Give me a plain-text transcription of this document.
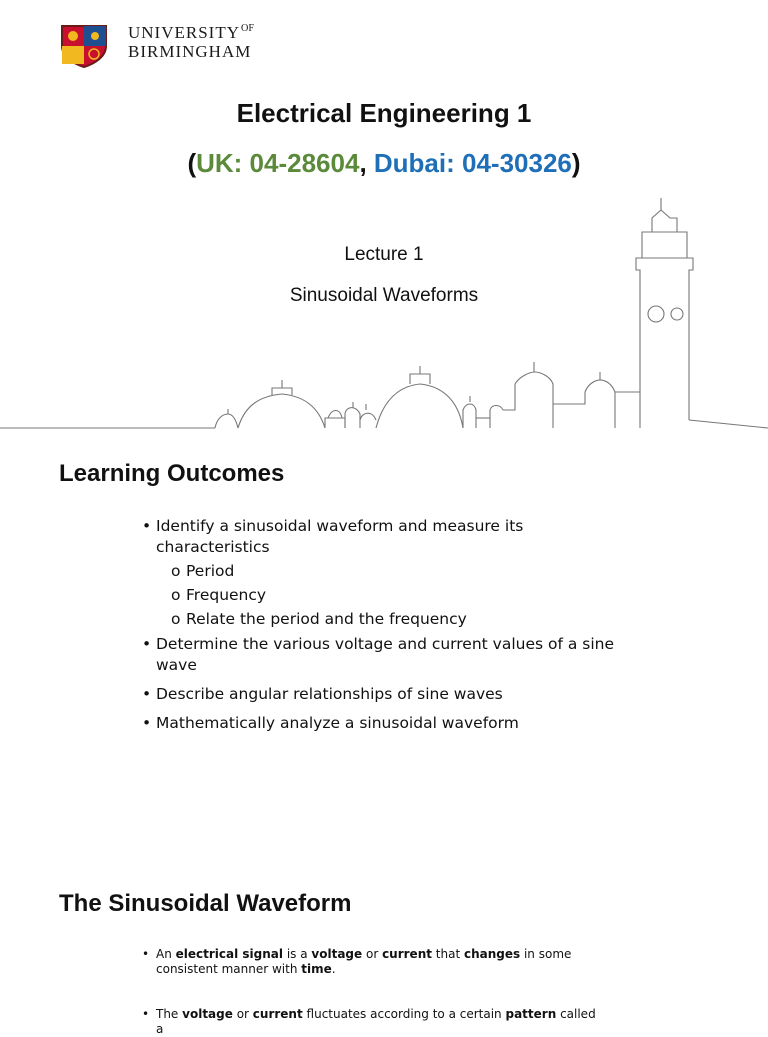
$UNIVERSITY^{OF}$
BIRMINGHAM
Electrical Engineering 1
(UK: 04-28604, Dubai: 04-30326)
Lecture 1
Sinusoidal Waveforms
Learning Outcomes
• Identify a sinusoidal waveform and measure its characteristics
o Period
o Frequency
o Relate the period and the frequency
• Determine the various voltage and current values of a sine wave
• Describe angular relationships of sine waves
• Mathematically analyze a sinusoidal waveform
The Sinusoidal Waveform
• An electrical signal is a voltage or current that changes in some consistent manner with time.
• The voltage or current fluctuates according to a certain pattern called a
